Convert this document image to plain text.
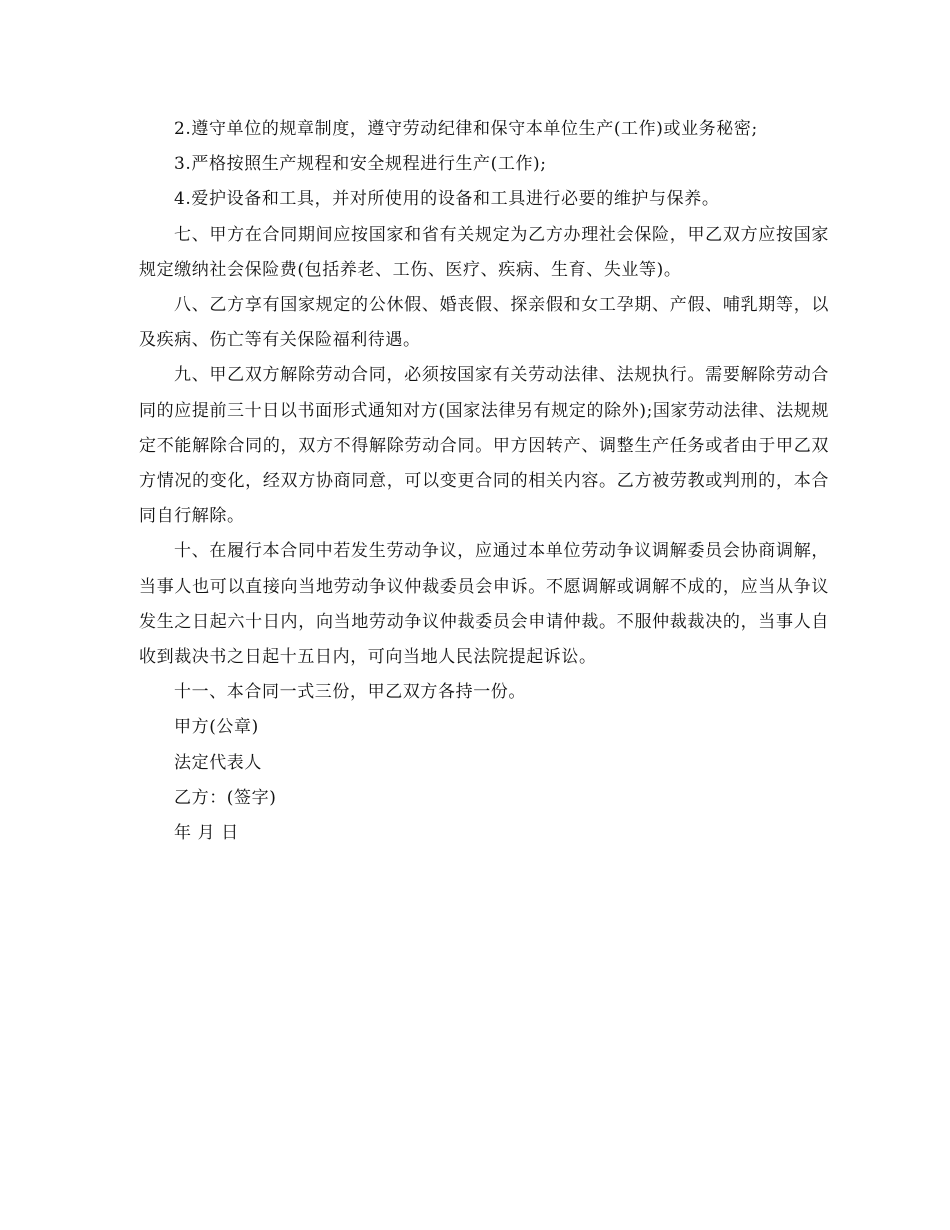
2.遵守单位的规章制度，遵守劳动纪律和保守本单位生产(工作)或业务秘密;

3.严格按照生产规程和安全规程进行生产(工作);

4.爱护设备和工具，并对所使用的设备和工具进行必要的维护与保养。

七、甲方在合同期间应按国家和省有关规定为乙方办理社会保险，甲乙双方应按国家规定缴纳社会保险费(包括养老、工伤、医疗、疾病、生育、失业等)。

八、乙方享有国家规定的公休假、婚丧假、探亲假和女工孕期、产假、哺乳期等，以及疾病、伤亡等有关保险福利待遇。

九、甲乙双方解除劳动合同，必须按国家有关劳动法律、法规执行。需要解除劳动合同的应提前三十日以书面形式通知对方(国家法律另有规定的除外);国家劳动法律、法规规定不能解除合同的，双方不得解除劳动合同。甲方因转产、调整生产任务或者由于甲乙双方情况的变化，经双方协商同意，可以变更合同的相关内容。乙方被劳教或判刑的，本合同自行解除。

十、在履行本合同中若发生劳动争议，应通过本单位劳动争议调解委员会协商调解，当事人也可以直接向当地劳动争议仲裁委员会申诉。不愿调解或调解不成的，应当从争议发生之日起六十日内，向当地劳动争议仲裁委员会申请仲裁。不服仲裁裁决的，当事人自收到裁决书之日起十五日内，可向当地人民法院提起诉讼。

十一、本合同一式三份，甲乙双方各持一份。

甲方(公章)

法定代表人

乙方：(签字)

年 月 日
